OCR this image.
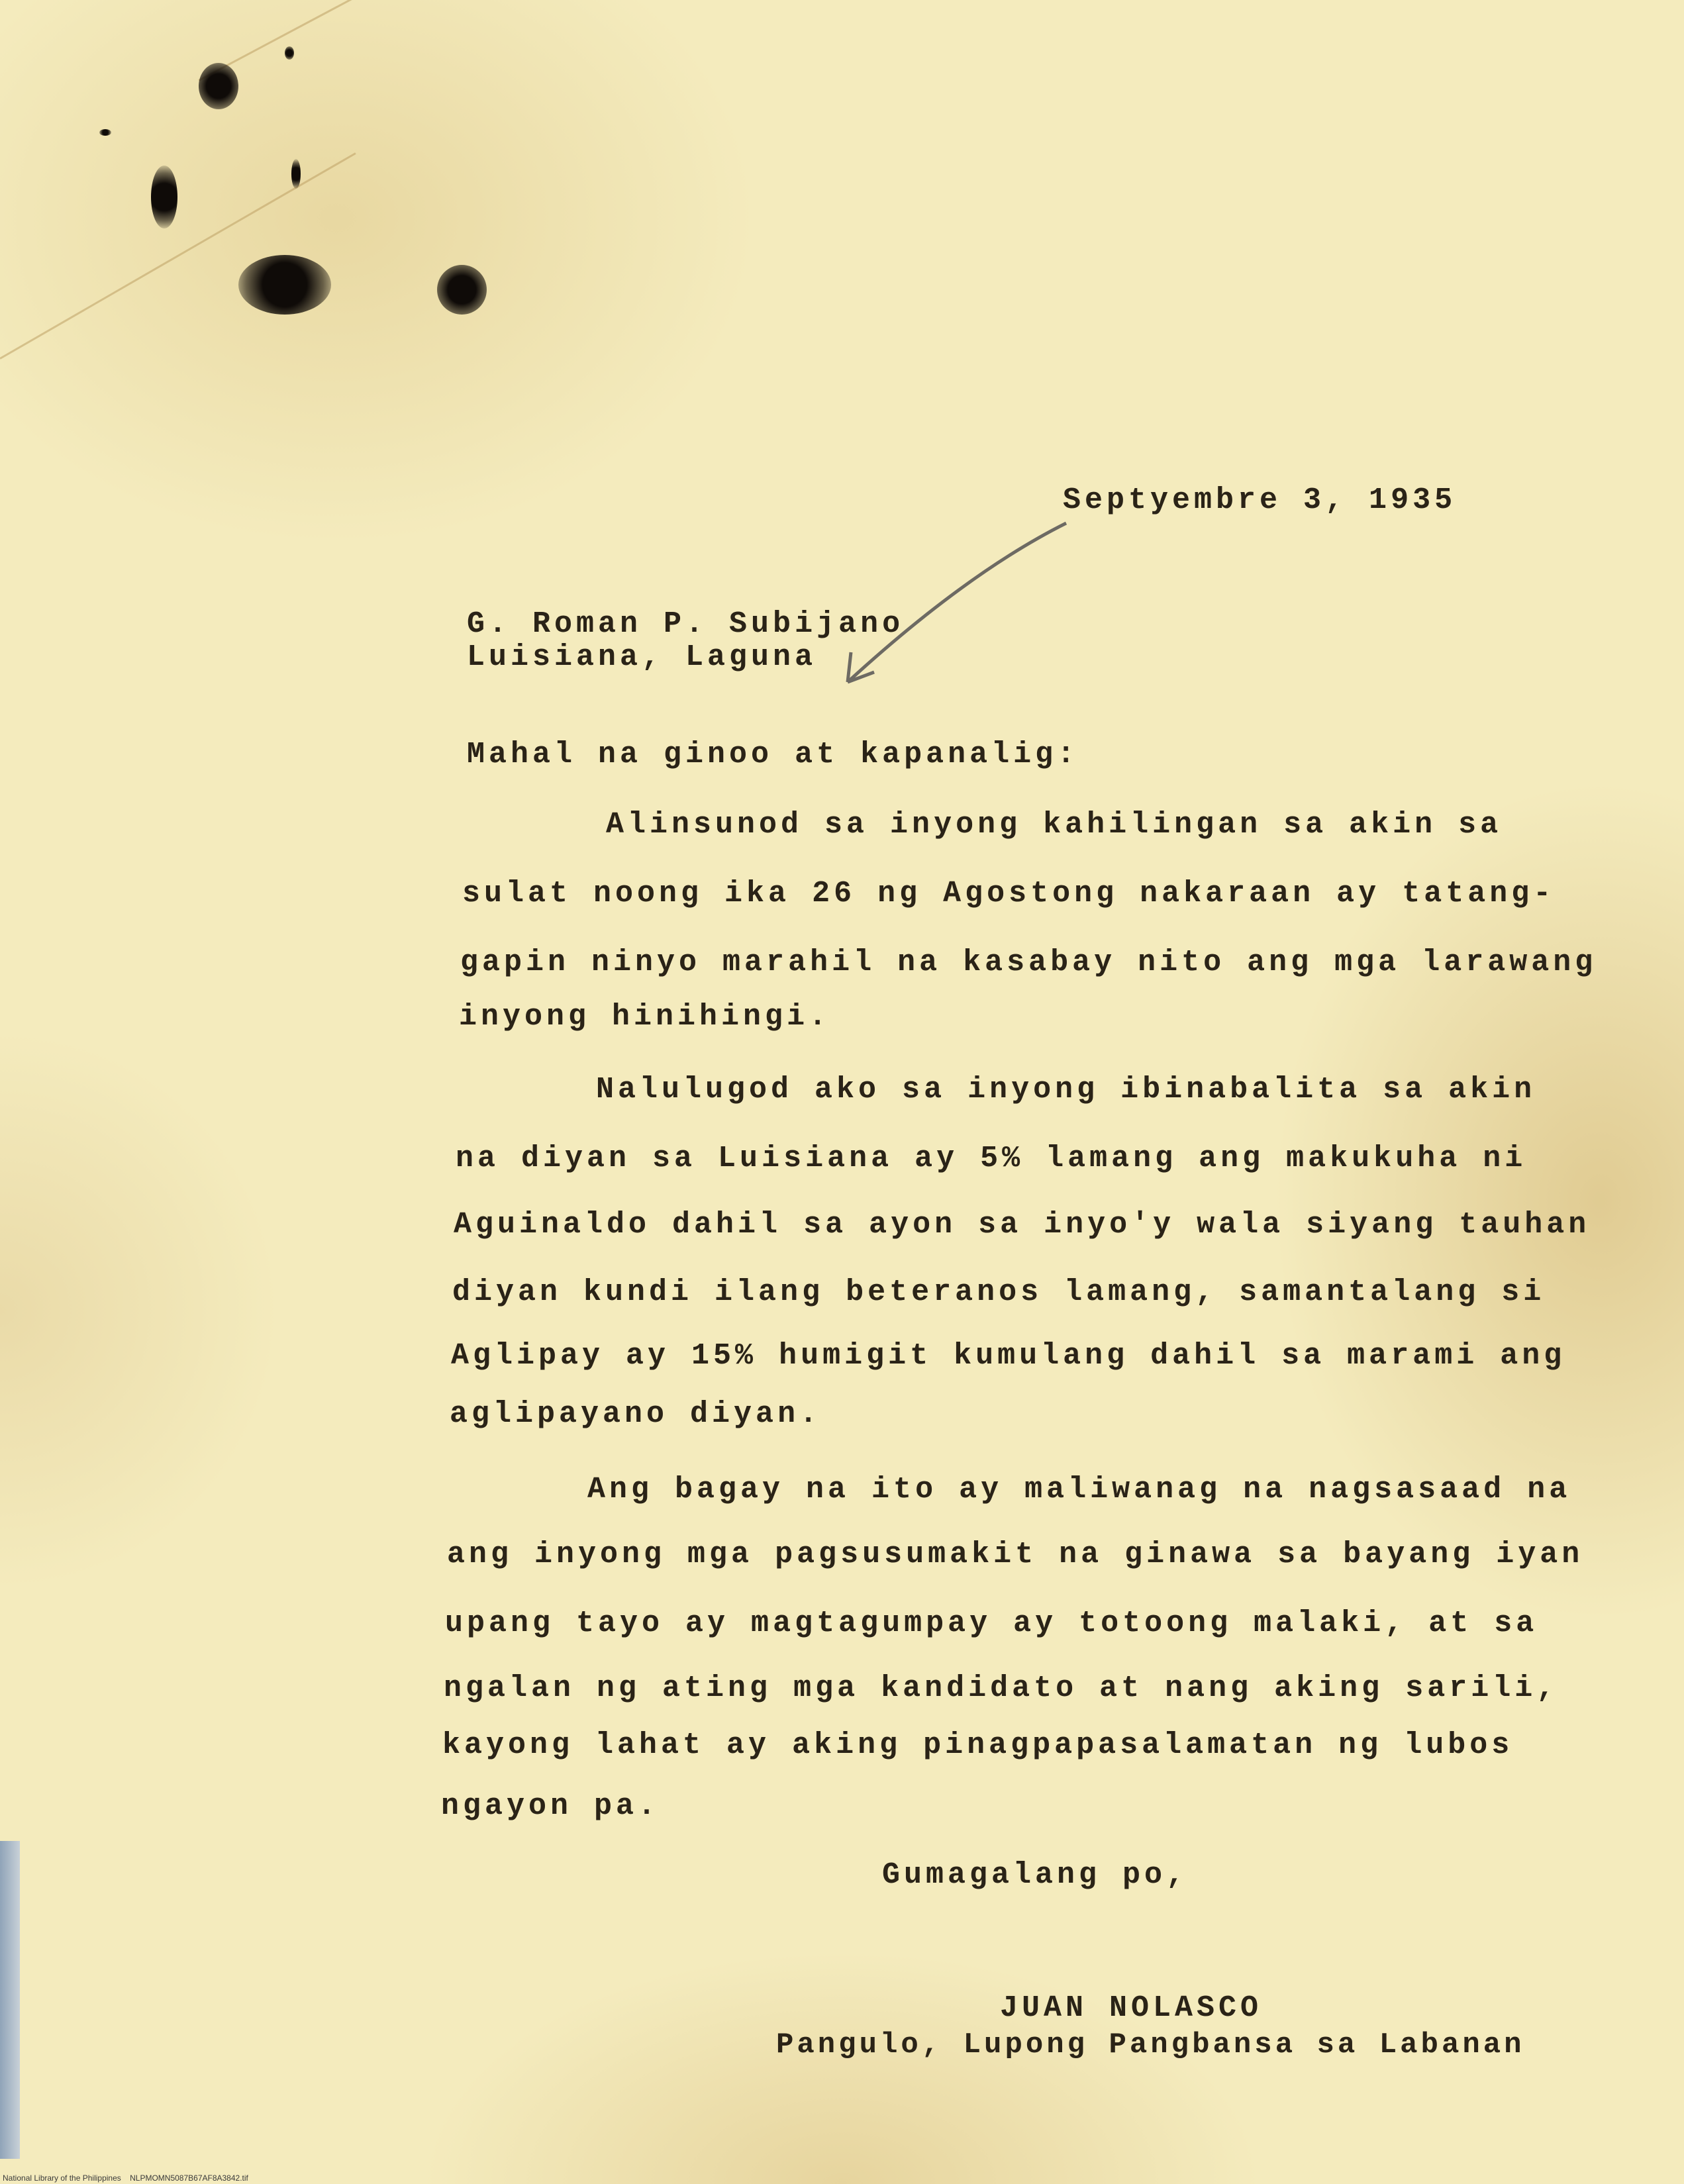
Septyembre 3, 1935
G. Roman P. Subijano
Luisiana, Laguna
Mahal na ginoo at kapanalig:
Alinsunod sa inyong kahilingan sa akin sa
sulat noong ika 26 ng Agostong nakaraan ay tatang-
gapin ninyo marahil na kasabay nito ang mga larawang
inyong hinihingi.
Nalulugod ako sa inyong ibinabalita sa akin
na diyan sa Luisiana ay 5% lamang ang makukuha ni
Aguinaldo dahil sa ayon sa inyo'y wala siyang tauhan
diyan kundi ilang beteranos lamang, samantalang si
Aglipay ay 15% humigit kumulang dahil sa marami ang
aglipayano diyan.
Ang bagay na ito ay maliwanag na nagsasaad na
ang inyong mga pagsusumakit na ginawa sa bayang iyan
upang tayo ay magtagumpay ay totoong malaki, at sa
ngalan ng ating mga kandidato at nang aking sarili,
kayong lahat ay aking pinagpapasalamatan ng lubos
ngayon pa.
Gumagalang po,
JUAN NOLASCO
Pangulo, Lupong Pangbansa sa Labanan
National Library of the Philippines    NLPMOMN5087B67AF8A3842.tif
